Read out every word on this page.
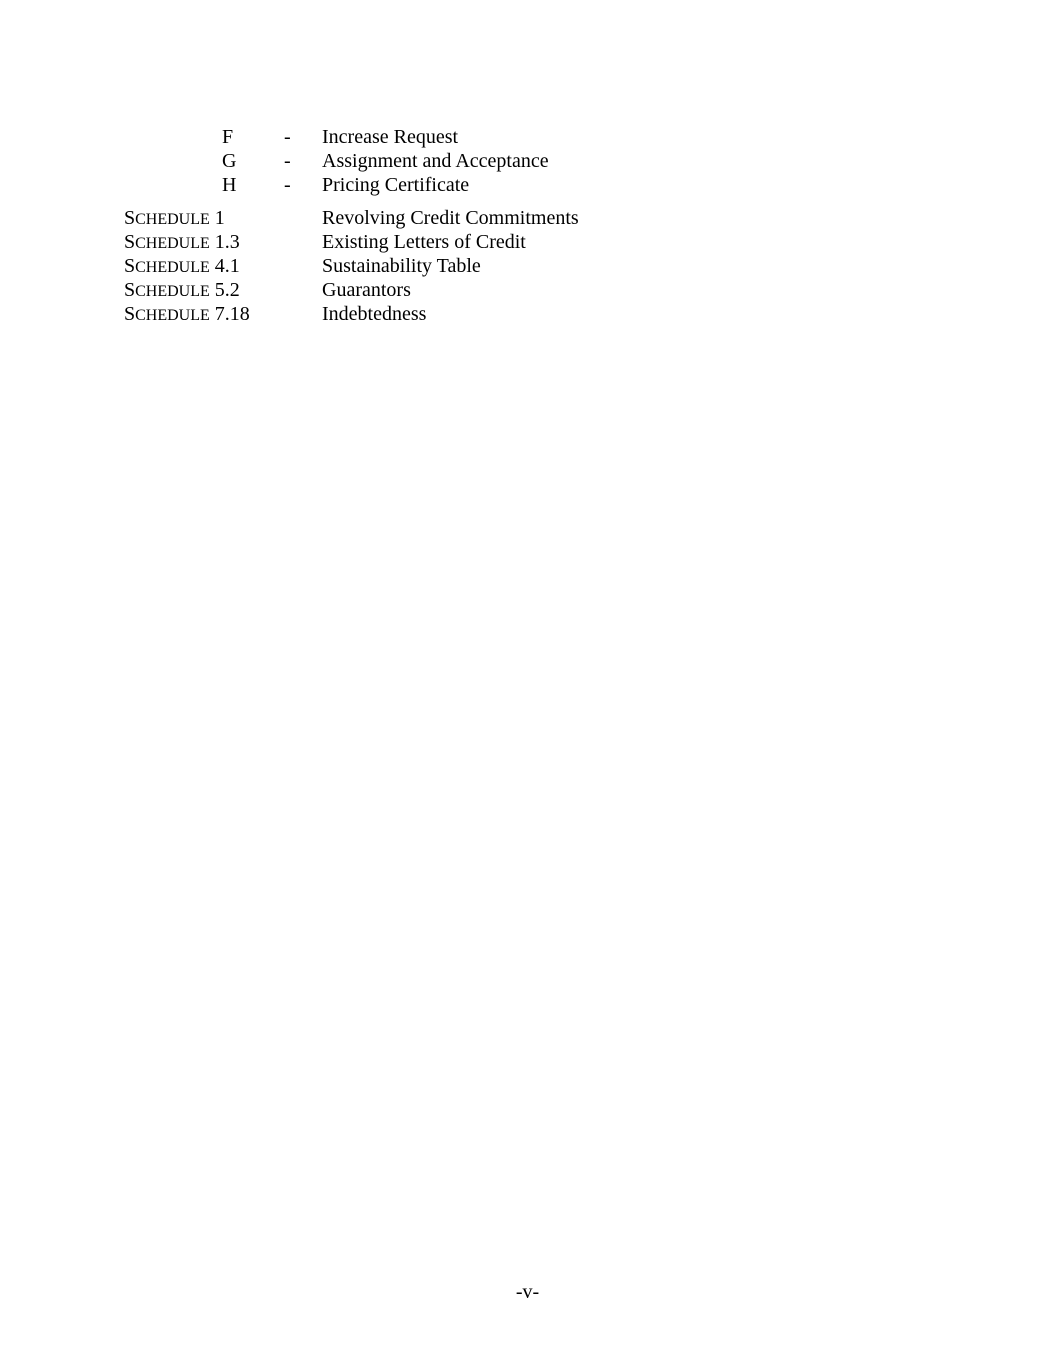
F	- Increase Request
G - Assignment and Acceptance
H - Pricing Certificate
SCHEDULE 1	Revolving Credit Commitments
SCHEDULE 1.3	Existing Letters of Credit
SCHEDULE 4.1	Sustainability Table
SCHEDULE 5.2	Guarantors
SCHEDULE 7.18	Indebtedness
-v-
